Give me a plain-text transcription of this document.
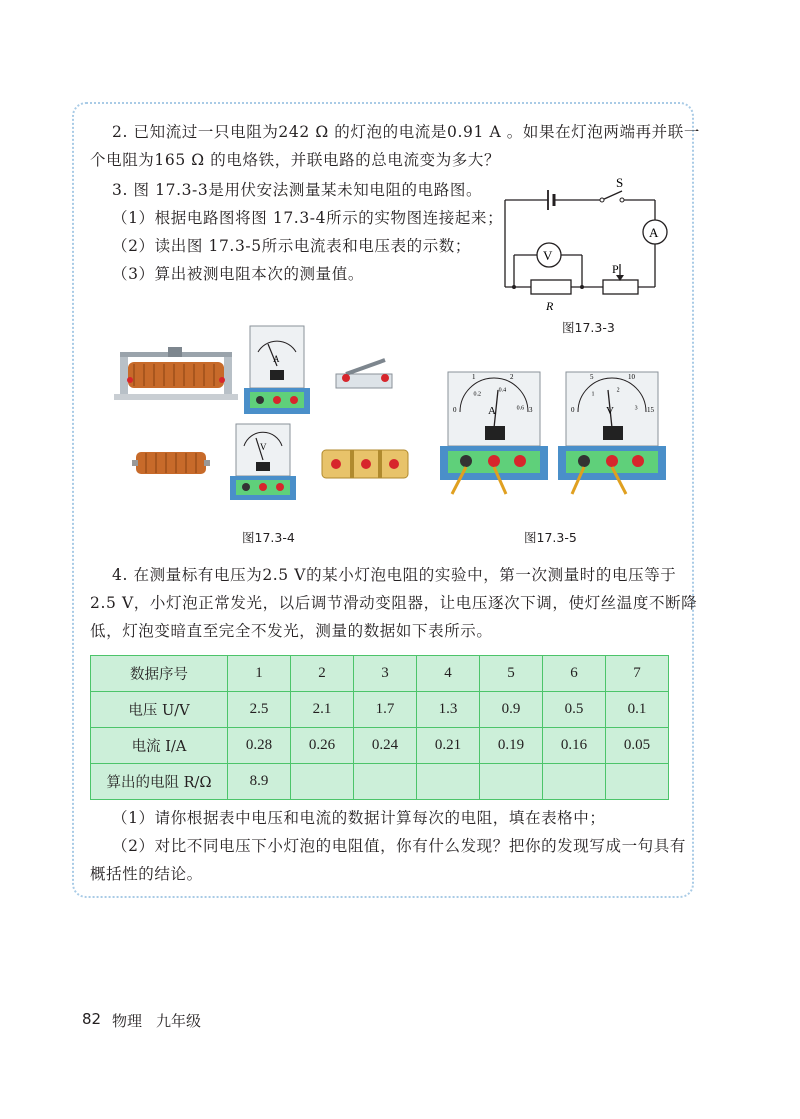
2. 已知流过一只电阻为242 Ω 的灯泡的电流是0.91 A 。如果在灯泡两端再并联一
个电阻为165 Ω 的电烙铁，并联电路的总电流变为多大？
3. 图 17.3-3是用伏安法测量某未知电阻的电路图。
（1）根据电路图将图 17.3-4所示的实物图连接起来；
（2）读出图 17.3-5所示电流表和电压表的示数；
（3）算出被测电阻本次的测量值。
S
A
V
P
R
图17.3-3
A
V
图17.3-4
A	V
0
1	2
3
0.2
0.4
0.6	0
5	10
15
1
2
3
图17.3-5
4. 在测量标有电压为2.5 V的某小灯泡电阻的实验中，第一次测量时的电压等于
2.5 V，小灯泡正常发光，以后调节滑动变阻器，让电压逐次下调，使灯丝温度不断降
低，灯泡变暗直至完全不发光，测量的数据如下表所示。
数据序号	1	2	3	4	5	6	7
电压 U/V	2.5	2.1	1.7	1.3	0.9	0.5	0.1
电流 I/A	0.28	0.26	0.24	0.21	0.19	0.16	0.05
算出的电阻 R/Ω	8.9						
（1）请你根据表中电压和电流的数据计算每次的电阻，填在表格中；
（2）对比不同电压下小灯泡的电阻值，你有什么发现？把你的发现写成一句具有
概括性的结论。
82 物理 九年级
